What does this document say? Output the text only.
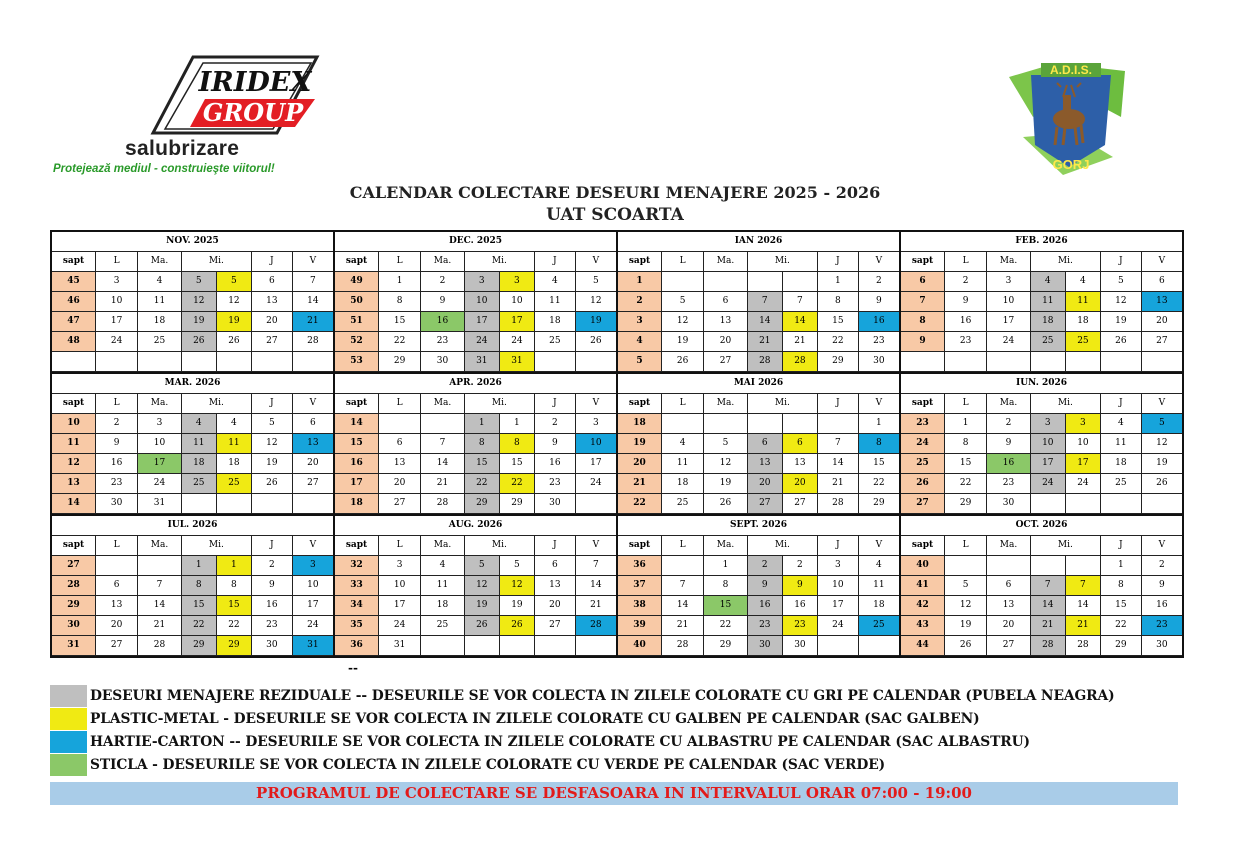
IRIDEX
GROUP
salubrizare
Protejează mediul - construieşte viitorul!
A.D.I.S.
GORJ
CALENDAR COLECTARE DESEURI MENAJERE 2025 - 2026
UAT SCOARTA
NOV. 2025						
sapt	L	Ma.	Mi.		J	V
45	3	4	5	5	6	7
46	10	11	12	12	13	14
47	17	18	19	19	20	21
48	24	25	26	26	27	28

DEC. 2025						
sapt	L	Ma.	Mi.		J	V
49	1	2	3	3	4	5
50	8	9	10	10	11	12
51	15	16	17	17	18	19
52	22	23	24	24	25	26
53	29	30	31	31		
IAN 2026						
sapt	L	Ma.	Mi.		J	V
1					1	2
2	5	6	7	7	8	9
3	12	13	14	14	15	16
4	19	20	21	21	22	23
5	26	27	28	28	29	30
FEB. 2026						
sapt	L	Ma.	Mi.		J	V
6	2	3	4	4	5	6
7	9	10	11	11	12	13
8	16	17	18	18	19	20
9	23	24	25	25	26	27

MAR. 2026						
sapt	L	Ma.	Mi.		J	V
10	2	3	4	4	5	6
11	9	10	11	11	12	13
12	16	17	18	18	19	20
13	23	24	25	25	26	27
14	30	31				
APR. 2026						
sapt	L	Ma.	Mi.		J	V
14			1	1	2	3
15	6	7	8	8	9	10
16	13	14	15	15	16	17
17	20	21	22	22	23	24
18	27	28	29	29	30	
MAI 2026						
sapt	L	Ma.	Mi.		J	V
18						1
19	4	5	6	6	7	8
20	11	12	13	13	14	15
21	18	19	20	20	21	22
22	25	26	27	27	28	29
IUN. 2026						
sapt	L	Ma.	Mi.		J	V
23	1	2	3	3	4	5
24	8	9	10	10	11	12
25	15	16	17	17	18	19
26	22	23	24	24	25	26
27	29	30				
IUL. 2026						
sapt	L	Ma.	Mi.		J	V
27			1	1	2	3
28	6	7	8	8	9	10
29	13	14	15	15	16	17
30	20	21	22	22	23	24
31	27	28	29	29	30	31
AUG. 2026						
sapt	L	Ma.	Mi.		J	V
32	3	4	5	5	6	7
33	10	11	12	12	13	14
34	17	18	19	19	20	21
35	24	25	26	26	27	28
36	31					
SEPT. 2026						
sapt	L	Ma.	Mi.		J	V
36		1	2	2	3	4
37	7	8	9	9	10	11
38	14	15	16	16	17	18
39	21	22	23	23	24	25
40	28	29	30	30		
OCT. 2026						
sapt	L	Ma.	Mi.		J	V
40					1	2
41	5	6	7	7	8	9
42	12	13	14	14	15	16
43	19	20	21	21	22	23
44	26	27	28	28	29	30
--
DESEURI MENAJERE REZIDUALE -- DESEURILE SE VOR COLECTA IN ZILELE COLORATE CU GRI PE CALENDAR (PUBELA NEAGRA)
PLASTIC-METAL - DESEURILE SE VOR COLECTA IN ZILELE COLORATE CU GALBEN PE CALENDAR (SAC GALBEN)
HARTIE-CARTON -- DESEURILE SE VOR COLECTA IN ZILELE COLORATE CU ALBASTRU PE CALENDAR (SAC ALBASTRU)
STICLA - DESEURILE SE VOR COLECTA IN ZILELE COLORATE CU VERDE PE CALENDAR (SAC VERDE)
PROGRAMUL DE COLECTARE SE DESFASOARA IN INTERVALUL ORAR 07:00 - 19:00
